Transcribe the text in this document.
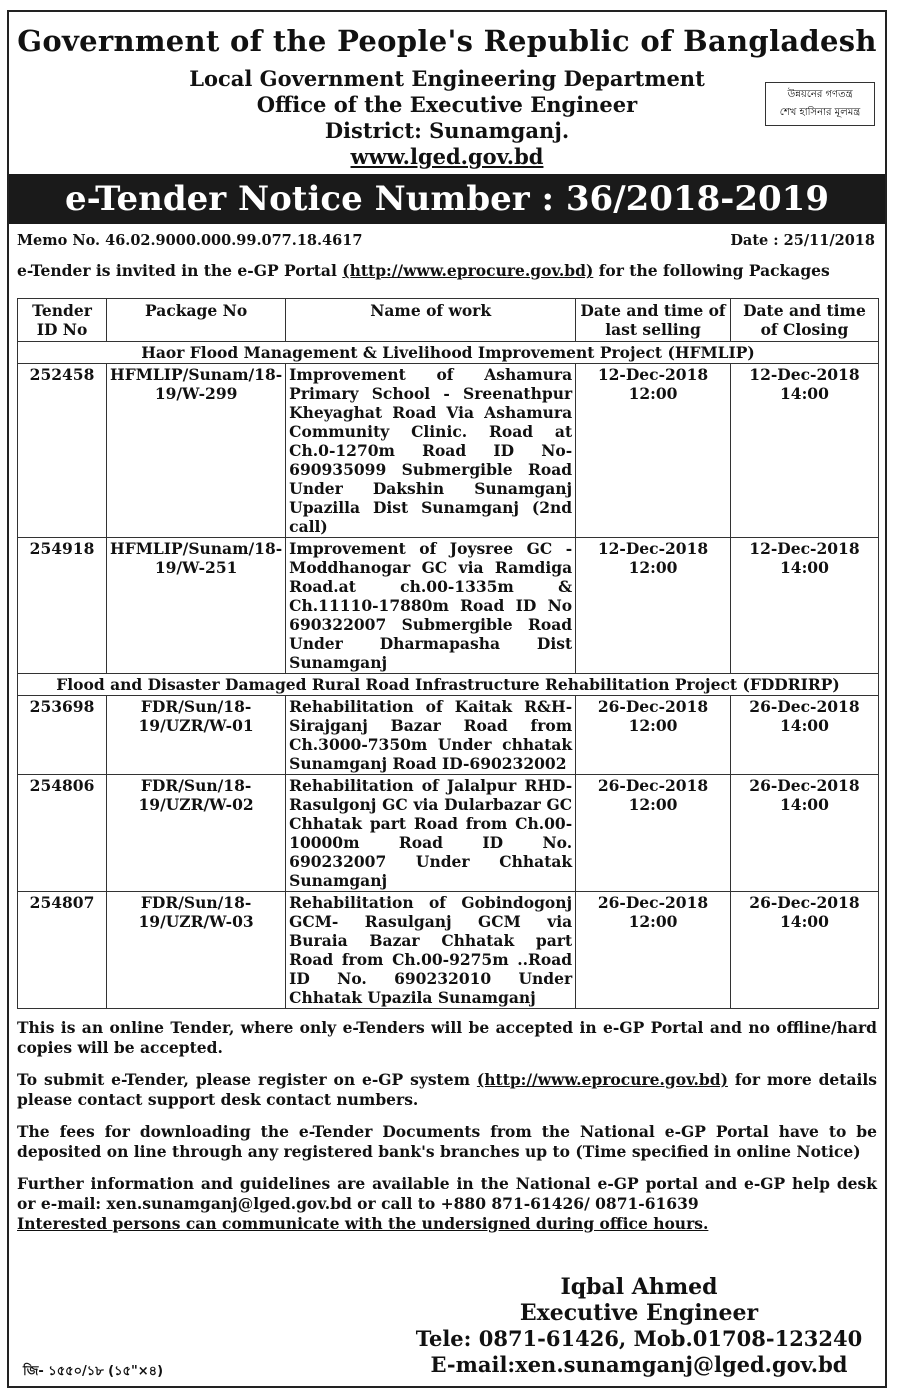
Government of the People's Republic of Bangladesh
Local Government Engineering Department
Office of the Executive Engineer
District: Sunamganj.
www.lged.gov.bd
উন্নয়নের গণতন্ত্র
শেখ হাসিনার মূলমন্ত্র
e-Tender Notice Number : 36/2018-2019
Memo No. 46.02.9000.000.99.077.18.4617	Date : 25/11/2018
e-Tender is invited in the e-GP Portal (http://www.eprocure.gov.bd) for the following Packages
Tender ID No	Package No	Name of work	Date and time of last selling	Date and time of Closing
Haor Flood Management & Livelihood Improvement Project (HFMLIP)				
252458	HFMLIP/Sunam/18-19/W-299	Improvement of Ashamura Primary School - Sreenathpur Kheyaghat Road Via Ashamura Community Clinic. Road at Ch.0-1270m Road ID No-690935099 Submergible Road Under Dakshin Sunamganj Upazilla Dist Sunamganj (2nd call)	12-Dec-2018 12:00	12-Dec-2018 14:00
254918	HFMLIP/Sunam/18-19/W-251	Improvement of Joysree GC - Moddhanogar GC via Ramdiga Road.at ch.00-1335m & Ch.11110-17880m Road ID No 690322007 Submergible Road Under Dharmapasha Dist Sunamganj	12-Dec-2018 12:00	12-Dec-2018 14:00
Flood and Disaster Damaged Rural Road Infrastructure Rehabilitation Project (FDDRIRP)				
253698	FDR/Sun/18-19/UZR/W-01	Rehabilitation of Kaitak R&H-Sirajganj Bazar Road from Ch.3000-7350m Under chhatak Sunamganj Road ID-690232002	26-Dec-2018 12:00	26-Dec-2018 14:00
254806	FDR/Sun/18-19/UZR/W-02	Rehabilitation of Jalalpur RHD-Rasulgonj GC via Dularbazar GC Chhatak part Road from Ch.00-10000m Road ID No. 690232007 Under Chhatak Sunamganj	26-Dec-2018 12:00	26-Dec-2018 14:00
254807	FDR/Sun/18-19/UZR/W-03	Rehabilitation of Gobindogonj GCM- Rasulganj GCM via Buraia Bazar Chhatak part Road from Ch.00-9275m ..Road ID No. 690232010 Under Chhatak Upazila Sunamganj	26-Dec-2018 12:00	26-Dec-2018 14:00
This is an online Tender, where only e-Tenders will be accepted in e-GP Portal and no offline/hard copies will be accepted.
To submit e-Tender, please register on e-GP system (http://www.eprocure.gov.bd) for more details please contact support desk contact numbers.
The fees for downloading the e-Tender Documents from the National e-GP Portal have to be deposited on line through any registered bank's branches up to (Time specified in online Notice)
Further information and guidelines are available in the National e-GP portal and e-GP help desk or e-mail: xen.sunamganj@lged.gov.bd or call to +880 871-61426/ 0871-61639
Interested persons can communicate with the undersigned during office hours.
Iqbal Ahmed
Executive Engineer
Tele: 0871-61426, Mob.01708-123240
E-mail:xen.sunamganj@lged.gov.bd
জি- ১৫৫০/১৮ (১৫"×৪)
